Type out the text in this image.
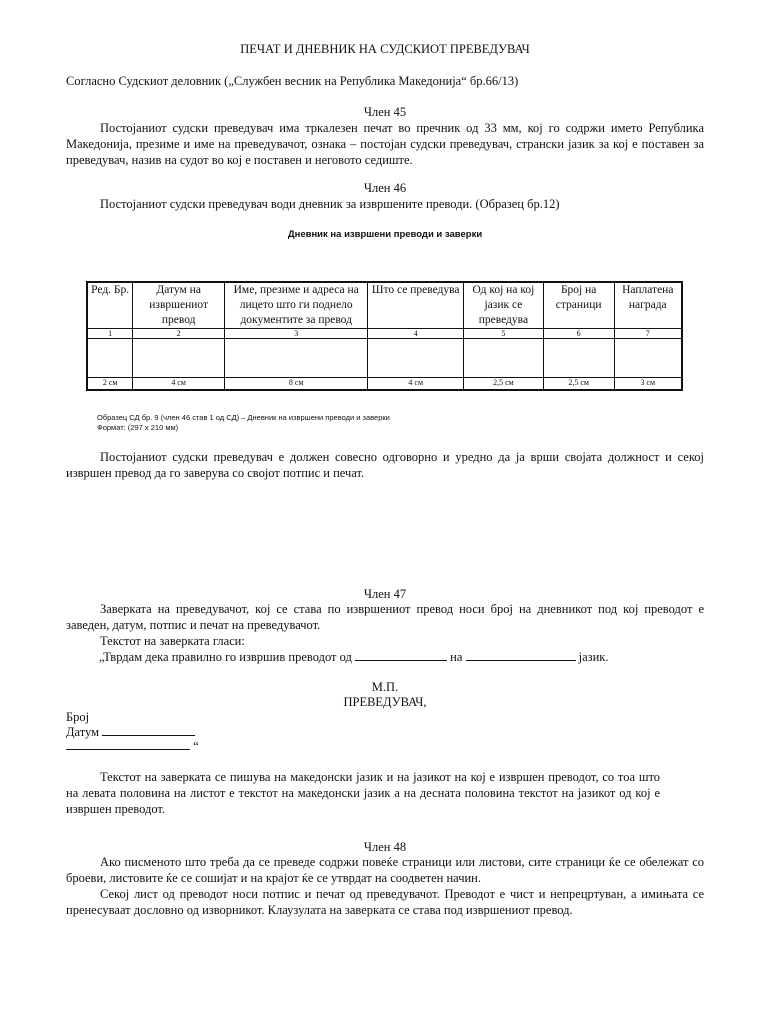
ПЕЧАТ И ДНЕВНИК НА СУДСКИОТ ПРЕВЕДУВАЧ
Согласно Судскиот деловник („Службен весник на Република Македонија“ бр.66/13)
Член 45
Постојаниот судски преведувач има тркалезен печат во пречник од 33 мм, кој го содржи името Република Македонија, презиме и име на преведувачот, ознака – постојан судски преведувач, странски јазик за кој е поставен за преведувач, назив на судот во кој е поставен и неговото седиште.
Член 46
Постојаниот судски преведувач води дневник за извршените преводи. (Образец бр.12)
Дневник на извршени преводи и заверки
Ред. Бр.	Датум на извршениот превод	Име, презиме и адреса на лицето што ги поднело документите за превод	Што се преведува	Од кој на кој јазик се преведува	Број на страници	Наплатена награда
1	2	3	4	5	6	7

2 см	4 см	8 см	4 см	2,5 см	2,5 см	3 см
Образец СД бр. 9 (член 46 став 1 од СД) – Дневник на извршени преводи и заверки
Формат: (297 x 210 мм)
Постојаниот судски преведувач е должен совесно одговорно и уредно да ја врши својата должност и секој извршен превод да го заверува со својот потпис и печат.
Член 47
Заверката на преведувачот, кој се става по извршениот превод носи број на дневникот под кој преводот е заведен, датум, потпис и печат на преведувачот.
Текстот на заверката гласи:
„Тврдам дека правилно го извршив преводот од	на	јазик.
М.П.
ПРЕВЕДУВАЧ,
Број
Датум
“
Текстот на заверката се пишува на македонски јазик и на јазикот на кој е извршен преводот, со тоа што на левата половина на листот е текстот на македонски јазик а на десната половина текстот на јазикот од кој е извршен преводот.
Член 48
Ако писменото што треба да се преведе содржи повеќе страници или листови, сите страници ќе се обележат со броеви, листовите ќе се сошијат и на крајот ќе се утврдат на соодветен начин.
Секој лист од преводот носи потпис и печат од преведувачот. Преводот е чист и непрецртуван, а имињата се пренесуваат дословно од изворникот. Клаузулата на заверката се става под извршениот превод.
